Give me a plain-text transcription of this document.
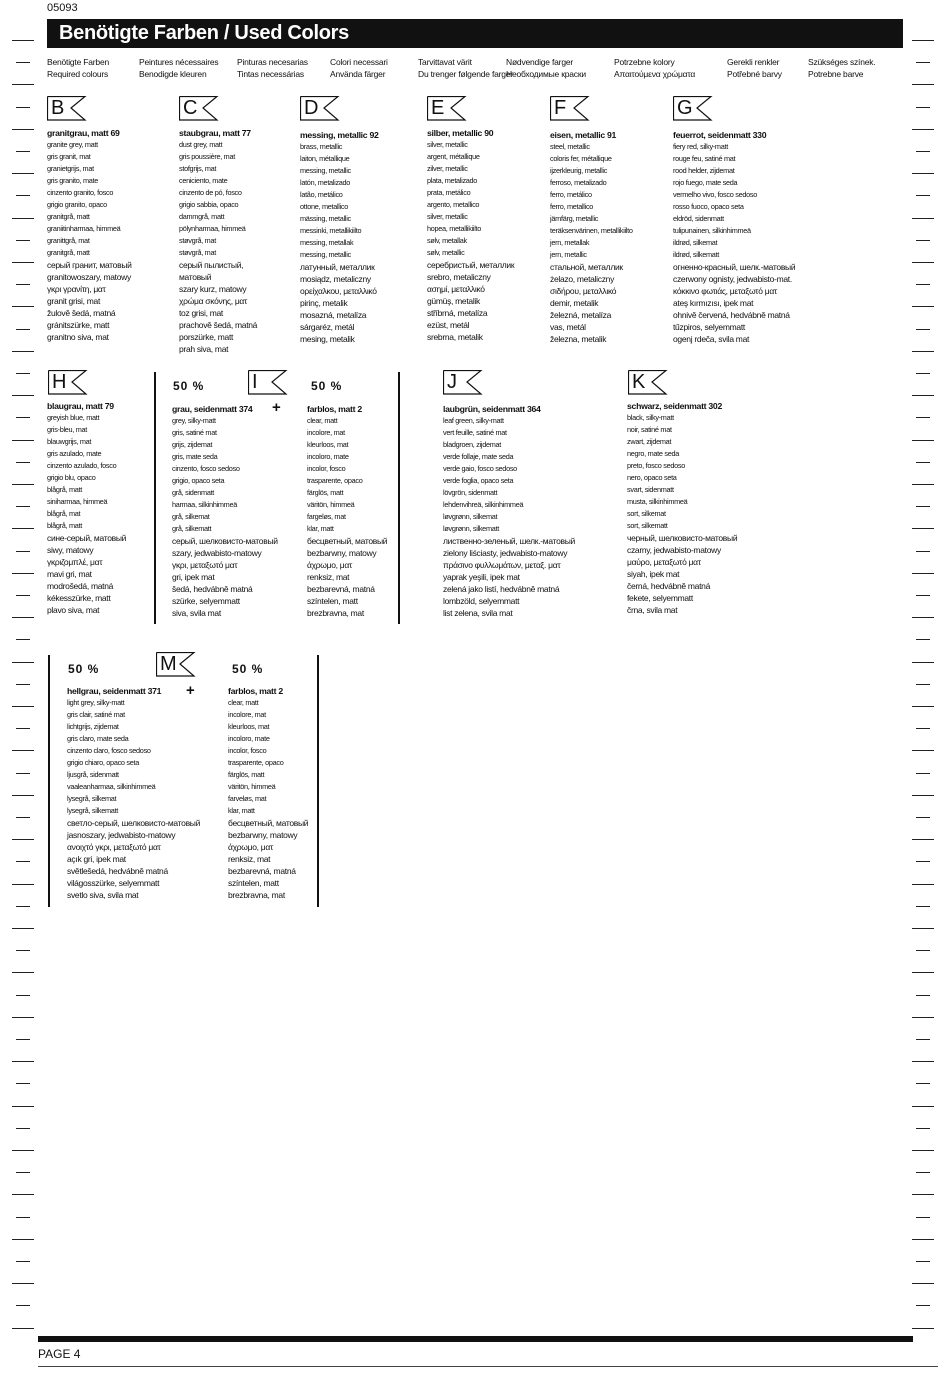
05093
Benötigte Farben / Used Colors
Benötigte Farben
Required colours
Peintures nécessaires
Benodigde kleuren
Pinturas necesarias
Tintas necessárias
Colori necessari
Använda färger
Tarvittavat värit
Du trenger følgende farger
Nødvendige farger
Необходимые краски
Potrzebne kolory
Απαιτούμενα χρώματα
Gerekli renkler
Potřebné barvy
Szükséges színek.
Potrebne barve
B
granitgrau, matt 69
granite grey, matt
gris granit, mat
granietgrijs, mat
gris granito, mate
cinzento granito, fosco
grigio granito, opaco
granitgrå, matt
graniitinharmaa, himmeä
granittgrå, mat
granitgrå, matt
серый гранит, матовый
granitowoszary, matowy
γκρι γρανίτη, ματ
granit grisi, mat
žulově šedá, matná
gránitszürke, matt
granitno siva, mat
C
staubgrau, matt 77
dust grey, matt
gris poussière, mat
stofgrijs, mat
ceniciento, mate
cinzento de pó, fosco
grigio sabbia, opaco
dammgrå, matt
pölynharmaa, himmeä
støvgrå, mat
støvgrå, mat
серый пылистый,
матовый
szary kurz, matowy
χρώμα σκόνης, ματ
toz grisi, mat
prachově šedá, matná
porszürke, matt
prah siva, mat
D
messing, metallic 92
brass, metallic
laiton, métallique
messing, metallic
latón, metalizado
latão, metálico
ottone, metallico
mässing, metallic
messinki, metallikiilto
messing, metallak
messing, metallic
латунный, металлик
mosiądz, metaliczny
ορείχαλκου, μεταλλικό
pirinç, metalik
mosazná, metalíza
sárgaréz, metál
mesing, metalik
E
silber, metallic 90
silver, metallic
argent, métallique
zilver, metallic
plata, metalizado
prata, metálico
argento, metallico
silver, metallic
hopea, metallikiilto
sølv, metallak
sølv, metallic
серебристый, металлик
srebro, metaliczny
ασημί, μεταλλικό
gümüş, metalik
stříbrná, metalíza
ezüst, metál
srebrna, metalik
F
eisen, metallic 91
steel, metallic
coloris fer, métallique
ijzerkleurig, metallic
ferroso, metalizado
ferro, metálico
ferro, metallico
järnfärg, metallic
teräksenvärinen, metallikiilto
jern, metallak
jern, metallic
стальной, металлик
żelazo, metaliczny
σιδήρου, μεταλλικό
demir, metalik
železná, metalíza
vas, metál
železna, metalik
G
feuerrot, seidenmatt 330
fiery red, silky-matt
rouge feu, satiné mat
rood helder, zijdemat
rojo fuego, mate seda
vermelho vivo, fosco sedoso
rosso fuoco, opaco seta
eldröd, sidenmatt
tulipunainen, silkinhimmeä
ildrød, silkemat
ildrød, silkematt
огненно-красный, шелк.-матовый
czerwony ognisty, jedwabisto-mat.
κόκκινο φωτιάς, μεταξωτό ματ
ateş kırmızısı, ipek mat
ohnivě červená, hedvábně matná
tűzpiros, selyemmatt
ogenj rdeča, svila mat
H
blaugrau, matt 79
greyish blue, matt
gris-bleu, mat
blauwgrijs, mat
gris azulado, mate
cinzento azulado, fosco
grigio blu, opaco
blågrå, matt
siniharmaa, himmeä
blågrå, mat
blågrå, matt
сине-серый, матовый
siwy, matowy
γκριζομπλέ, ματ
mavi gri, mat
modrošedá, matná
kékesszürke, matt
plavo siva, mat
grau, seidenmatt 374
grey, silky-matt
gris, satiné mat
grijs, zijdemat
gris, mate seda
cinzento, fosco sedoso
grigio, opaco seta
grå, sidenmatt
harmaa, silkinhimmeä
grå, silkemat
grå, silkematt
серый, шелковисто-матовый
szary, jedwabisto-matowy
γκρι, μεταξωτό ματ
gri, ipek mat
šedá, hedvábně matná
szürke, selyemmatt
siva, svila mat
I
farblos, matt 2
clear, matt
incolore, mat
kleurloos, mat
incoloro, mate
incolor, fosco
trasparente, opaco
färglös, matt
väritön, himmeä
fargeløs, mat
klar, matt
бесцветный, матовый
bezbarwny, matowy
άχρωμο, ματ
renksiz, mat
bezbarevná, matná
színtelen, matt
brezbravna, mat
J
laubgrün, seidenmatt 364
leaf green, silky-matt
vert feuille, satiné mat
bladgroen, zijdemat
verde follaje, mate seda
verde gaio, fosco sedoso
verde foglia, opaco seta
lövgrön, sidenmatt
lehdenvihreä, silkinhimmeä
løvgrønn, silkemat
løvgrønn, silkematt
лиственно-зеленый, шелк.-матовый
zielony liściasty, jedwabisto-matowy
πράσινο φυλλωμάτων, μεταξ. ματ
yaprak yeşili, ipek mat
zelená jako listí, hedvábně matná
lombzöld, selyemmatt
list zelena, svila mat
K
schwarz, seidenmatt 302
black, silky-matt
noir, satiné mat
zwart, zijdemat
negro, mate seda
preto, fosco sedoso
nero, opaco seta
svart, sidenmatt
musta, silkinhimmeä
sort, silkemat
sort, silkematt
черный, шелковисто-матовый
czarny, jedwabisto-matowy
μαύρο, μεταξωτό ματ
siyah, ipek mat
černá, hedvábně matná
fekete, selyemmatt
črna, svila mat
hellgrau, seidenmatt 371
light grey, silky-matt
gris clair, satiné mat
lichtgrijs, zijdemat
gris claro, mate seda
cinzento claro, fosco sedoso
grigio chiaro, opaco seta
ljusgrå, sidenmatt
vaaleanharmaa, silkinhimmeä
lysegrå, silkemat
lysegrå, silkematt
светло-серый, шелковисто-матовый
jasnoszary, jedwabisto-matowy
ανοιχτό γκρι, μεταξωτό ματ
açık gri, ipek mat
světlešedá, hedvábně matná
világosszürke, selyemmatt
svetlo siva, svila mat
M
farblos, matt 2
clear, matt
incolore, mat
kleurloos, mat
incoloro, mate
incolor, fosco
trasparente, opaco
färglös, matt
väritön, himmeä
farveløs, mat
klar, matt
бесцветный, матовый
bezbarwny, matowy
άχρωμο, ματ
renksiz, mat
bezbarevná, matná
színtelen, matt
brezbravna, mat
50 %	50 %
+
50 %	50 %
+
PAGE 4
